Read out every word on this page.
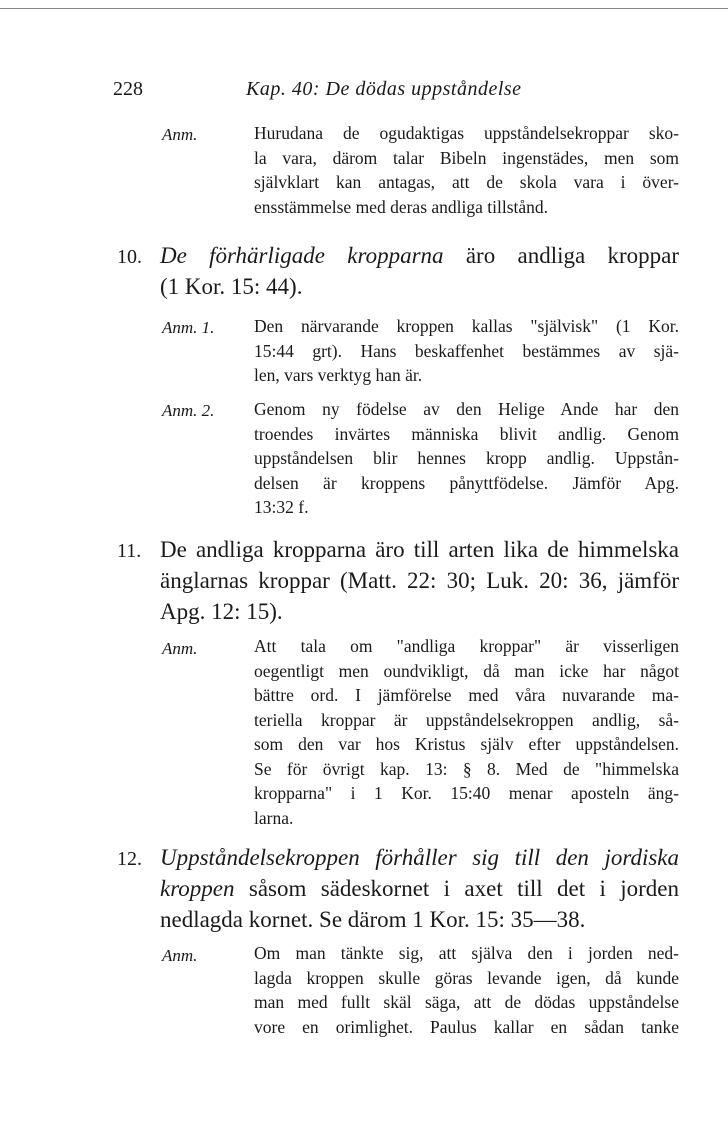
228	Kap. 40: De dödas uppståndelse
Anm.	Hurudana de ogudaktigas uppståndelsekroppar sko-
la vara, därom talar Bibeln ingenstädes, men som
självklart kan antagas, att de skola vara i över-
ensstämmelse med deras andliga tillstånd.
10. De förhärligade kropparna äro andliga kroppar
(1 Kor. 15: 44).
Anm. 1. Den närvarande kroppen kallas "självisk" (1 Kor.
15:44 grt). Hans beskaffenhet bestämmes av sjä-
len, vars verktyg han är.
Anm. 2. Genom ny födelse av den Helige Ande har den
troendes invärtes människa blivit andlig. Genom
uppståndelsen blir hennes kropp andlig. Uppstån-
delsen är kroppens pånyttfödelse. Jämför Apg.
13:32 f.
11. De andliga kropparna äro till arten lika de himmelska
änglarnas kroppar (Matt. 22: 30; Luk. 20: 36, jämför
Apg. 12: 15).
Anm.	Att tala om "andliga kroppar" är visserligen
oegentligt men oundvikligt, då man icke har något
bättre ord. I jämförelse med våra nuvarande ma-
teriella kroppar är uppståndelsekroppen andlig, så-
som den var hos Kristus själv efter uppståndelsen.
Se för övrigt kap. 13: § 8. Med de "himmelska
kropparna" i 1 Kor. 15:40 menar aposteln äng-
larna.
12. Uppståndelsekroppen förhåller sig till den jordiska
kroppen såsom sädeskornet i axet till det i jorden
nedlagda kornet. Se därom 1 Kor. 15: 35—38.
Anm.	Om man tänkte sig, att själva den i jorden ned-
lagda kroppen skulle göras levande igen, då kunde
man med fullt skäl säga, att de dödas uppståndelse
vore en orimlighet. Paulus kallar en sådan tanke
